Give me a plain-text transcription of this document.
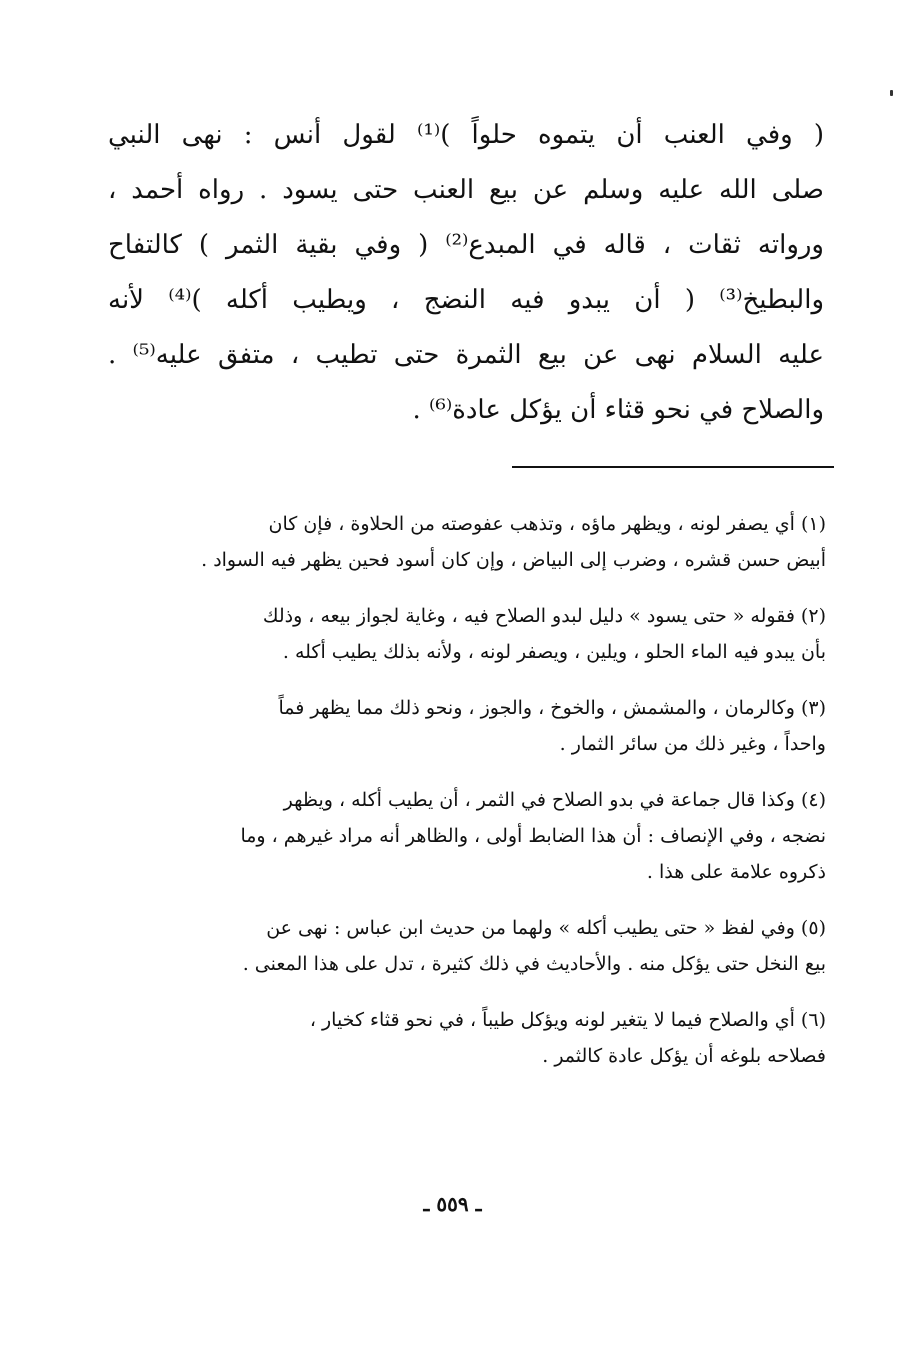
( وفي العنب أن يتموه حلواً )⁽¹⁾ لقول أنس : نهى النبي
صلى الله عليه وسلم عن بيع العنب حتى يسود . رواه أحمد ،
ورواته ثقات ، قاله في المبدع⁽²⁾ ( وفي بقية الثمر ) كالتفاح
والبطيخ⁽³⁾ ( أن يبدو فيه النضج ، ويطيب أكله )⁽⁴⁾ لأنه
عليه السلام نهى عن بيع الثمرة حتى تطيب ، متفق عليه⁽⁵⁾ .
والصلاح في نحو قثاء أن يؤكل عادة⁽⁶⁾ .
(١) أي يصفر لونه ، ويظهر ماؤه ، وتذهب عفوصته من الحلاوة ، فإن كان
أبيض حسن قشره ، وضرب إلى البياض ، وإن كان أسود فحين يظهر فيه السواد .
(٢) فقوله « حتى يسود » دليل لبدو الصلاح فيه ، وغاية لجواز بيعه ، وذلك
بأن يبدو فيه الماء الحلو ، ويلين ، ويصفر لونه ، ولأنه بذلك يطيب أكله .
(٣) وكالرمان ، والمشمش ، والخوخ ، والجوز ، ونحو ذلك مما يظهر فماً
واحداً ، وغير ذلك من سائر الثمار .
(٤) وكذا قال جماعة في بدو الصلاح في الثمر ، أن يطيب أكله ، ويظهر
نضجه ، وفي الإنصاف : أن هذا الضابط أولى ، والظاهر أنه مراد غيرهم ، وما
ذكروه علامة على هذا .
(٥) وفي لفظ « حتى يطيب أكله » ولهما من حديث ابن عباس : نهى عن
بيع النخل حتى يؤكل منه . والأحاديث في ذلك كثيرة ، تدل على هذا المعنى .
(٦) أي والصلاح فيما لا يتغير لونه ويؤكل طيباً ، في نحو قثاء كخيار ،
فصلاحه بلوغه أن يؤكل عادة كالثمر .
ـ ٥٥٩ ـ
